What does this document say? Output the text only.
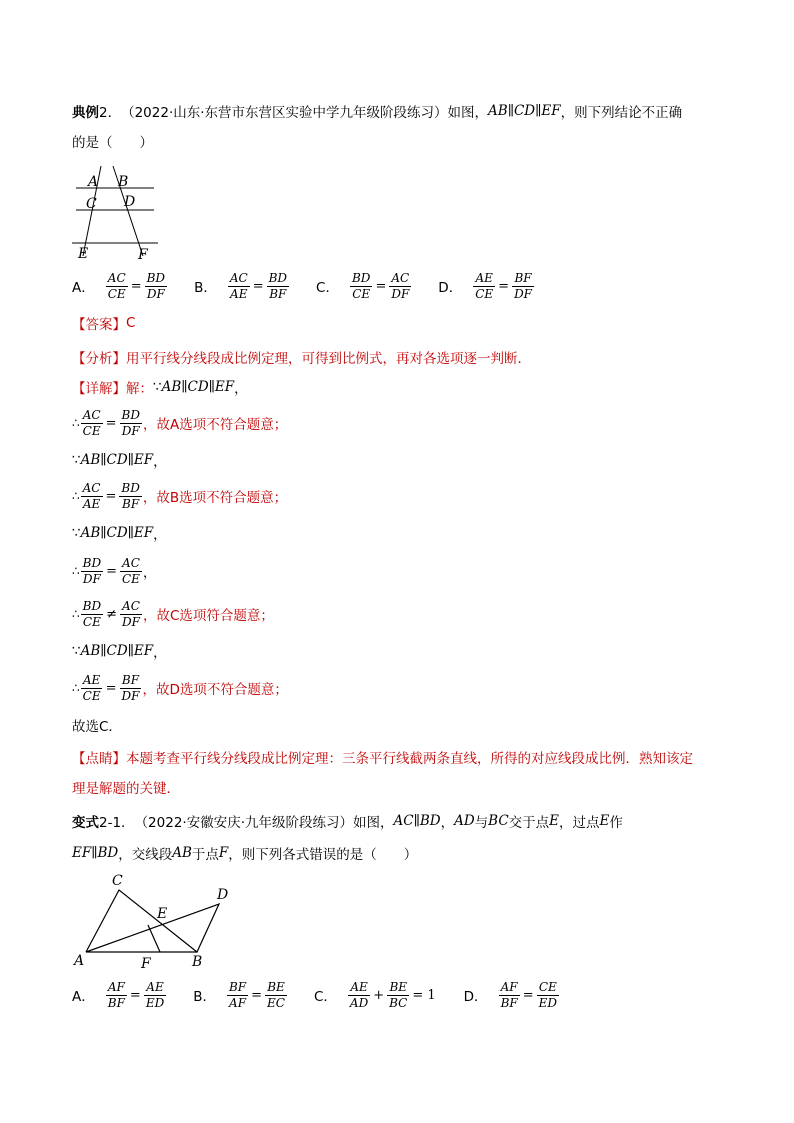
典例 2． （2022·山东·东营市东营区实验中学九年级阶段练习）如图， AB∥CD∥EF ，则下列结论不正确
的是（　　）
A B
C D
E	F
A． $\frac{AC}{CE} = \frac{BD}{DF}$ B． $\frac{AC}{AE} = \frac{BD}{BF}$ C． $\frac{BD}{CE} = \frac{AC}{DF}$ D． $\frac{AE}{CE} = \frac{BF}{DF}$
【答案】 C
【分析】 用平行线分线段成比例定理，可得到比例式，再对各选项逐一判断．
【详解】 解： ∵ AB∥CD∥EF ，
∴ $\frac{AC}{CE} = \frac{BD}{DF}$ ，故A选项不符合题意；
∵ AB∥CD∥EF ，
∴ $\frac{AC}{AE} = \frac{BD}{BF}$ ，故B选项不符合题意；
∵ AB∥CD∥EF ，
∴ $\frac{BD}{DF} = \frac{AC}{CE}$ ，
∴ $\frac{BD}{CE} \ne \frac{AC}{DF}$ ，故C选项符合题意；
∵ AB∥CD∥EF ，
∴ $\frac{AE}{CE} = \frac{BF}{DF}$ ，故D选项不符合题意；
故选C．
【点睛】 本题考查平行线分线段成比例定理：三条平行线截两条直线，所得的对应线段成比例．熟知该定
理是解题的关键．
变式 2-1． （2022·安徽安庆·九年级阶段练习）如图， AC∥BD ， AD 与 BC 交于点 E ，过点 E 作
EF∥BD ，交线段 AB 于点 F ，则下列各式错误的是（　　）
C
D
E
A	F	B
A． $\frac{AF}{BF} = \frac{AE}{ED}$ B． $\frac{BF}{AF} = \frac{BE}{EC}$ C． $\frac{AE}{AD} + \frac{BE}{BC} = 1$ D． $\frac{AF}{BF} = \frac{CE}{ED}$
